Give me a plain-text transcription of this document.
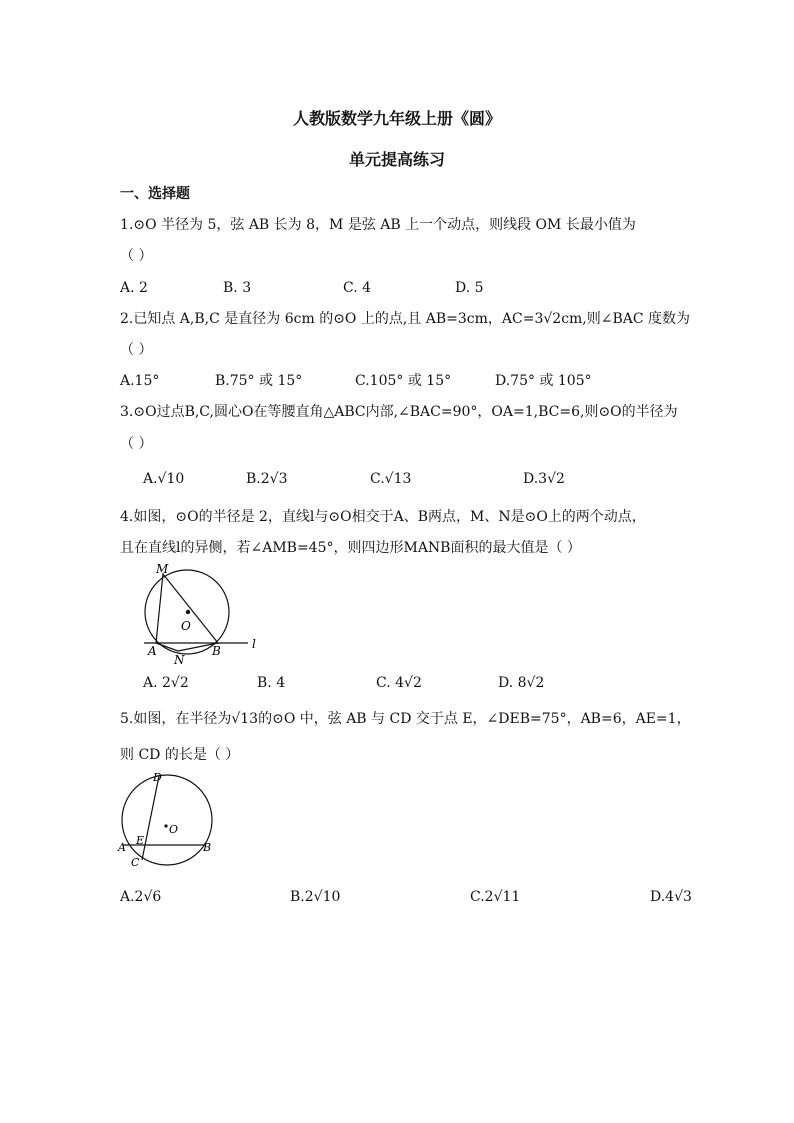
人教版数学九年级上册《圆》
单元提高练习
一、选择题
1.⊙O 半径为 5，弦 AB 长为 8，M 是弦 AB 上一个动点，则线段 OM 长最小值为
（ ）
A. 2	B. 3	C. 4	D. 5
2.已知点 A,B,C 是直径为 6cm 的⊙O 上的点,且 AB=3cm，AC=3√2cm,则∠BAC 度数为
（ ）
A.15°	B.75° 或 15°	C.105° 或 15°	D.75° 或 105°
3.⊙O过点B,C,圆心O在等腰直角△ABC内部,∠BAC=90°，OA=1,BC=6,则⊙O的半径为
（ ）
A.√10	B.2√3	C.√13	D.3√2
4.如图，⊙O的半径是 2，直线l与⊙O相交于A、B两点，M、N是⊙O上的两个动点，
且在直线l的异侧，若∠AMB=45°，则四边形MANB面积的最大值是（ ）
M
O
A
N
B	l
A. 2√2	B. 4	C. 4√2	D. 8√2
5.如图，在半径为√13的⊙O 中，弦 AB 与 CD 交于点 E，∠DEB=75°，AB=6，AE=1，
则 CD 的长是（ ）
D
O
E
A	B
C
A.2√6	B.2√10	C.2√11	D.4√3
